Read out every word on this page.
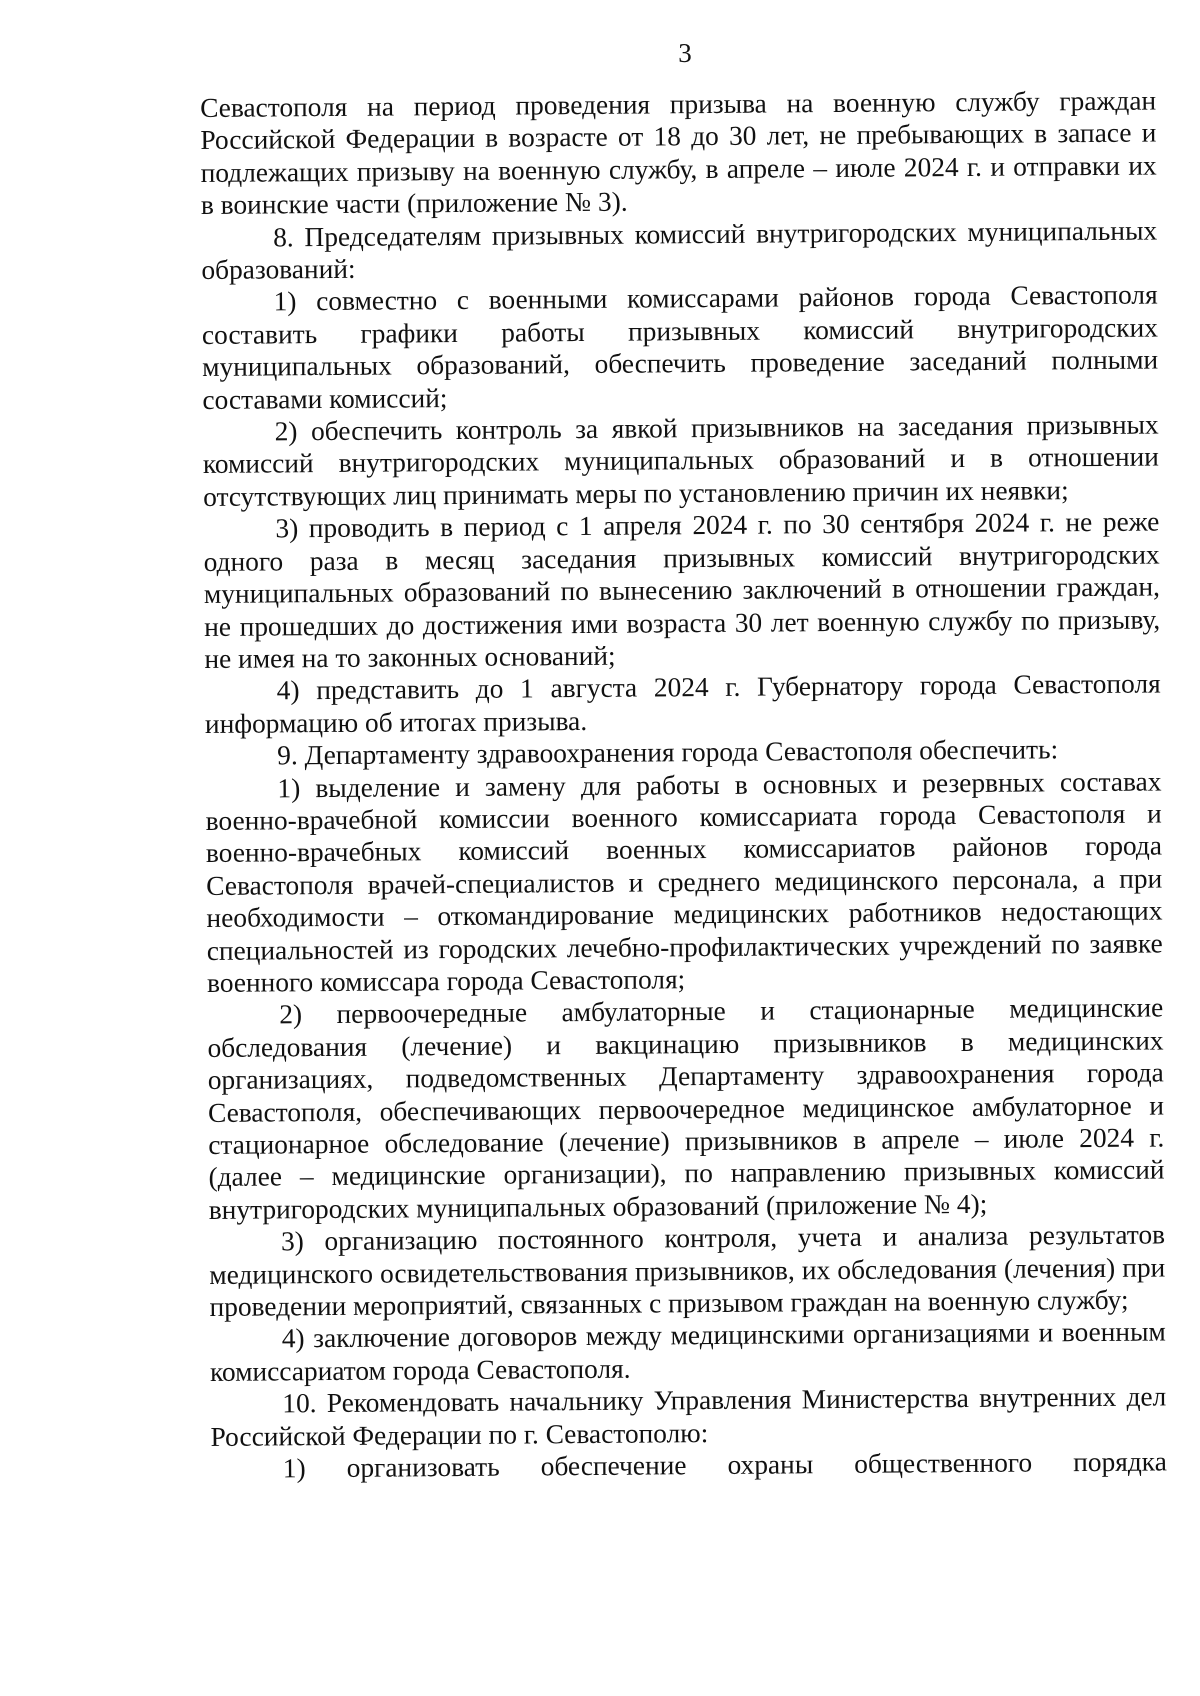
3

Севастополя на период проведения призыва на военную службу граждан Российской Федерации в возрасте от 18 до 30 лет, не пребывающих в запасе и подлежащих призыву на военную службу, в апреле – июле 2024 г. и отправки их в воинские части (приложение № 3).

8. Председателям призывных комиссий внутригородских муниципальных образований:

1) совместно с военными комиссарами районов города Севастополя составить графики работы призывных комиссий внутригородских муниципальных образований, обеспечить проведение заседаний полными составами комиссий;

2) обеспечить контроль за явкой призывников на заседания призывных комиссий внутригородских муниципальных образований и в отношении отсутствующих лиц принимать меры по установлению причин их неявки;

3) проводить в период с 1 апреля 2024 г. по 30 сентября 2024 г. не реже одного раза в месяц заседания призывных комиссий внутригородских муниципальных образований по вынесению заключений в отношении граждан, не прошедших до достижения ими возраста 30 лет военную службу по призыву, не имея на то законных оснований;

4) представить до 1 августа 2024 г. Губернатору города Севастополя информацию об итогах призыва.

9. Департаменту здравоохранения города Севастополя обеспечить:

1) выделение и замену для работы в основных и резервных составах военно-врачебной комиссии военного комиссариата города Севастополя и военно-врачебных комиссий военных комиссариатов районов города Севастополя врачей-специалистов и среднего медицинского персонала, а при необходимости – откомандирование медицинских работников недостающих специальностей из городских лечебно-профилактических учреждений по заявке военного комиссара города Севастополя;

2) первоочередные амбулаторные и стационарные медицинские обследования (лечение) и вакцинацию призывников в медицинских организациях, подведомственных Департаменту здравоохранения города Севастополя, обеспечивающих первоочередное медицинское амбулаторное и стационарное обследование (лечение) призывников в апреле – июле 2024 г. (далее – медицинские организации), по направлению призывных комиссий внутригородских муниципальных образований (приложение № 4);

3) организацию постоянного контроля, учета и анализа результатов медицинского освидетельствования призывников, их обследования (лечения) при проведении мероприятий, связанных с призывом граждан на военную службу;

4) заключение договоров между медицинскими организациями и военным комиссариатом города Севастополя.

10. Рекомендовать начальнику Управления Министерства внутренних дел Российской Федерации по г. Севастополю:

1) организовать обеспечение охраны общественного порядка
